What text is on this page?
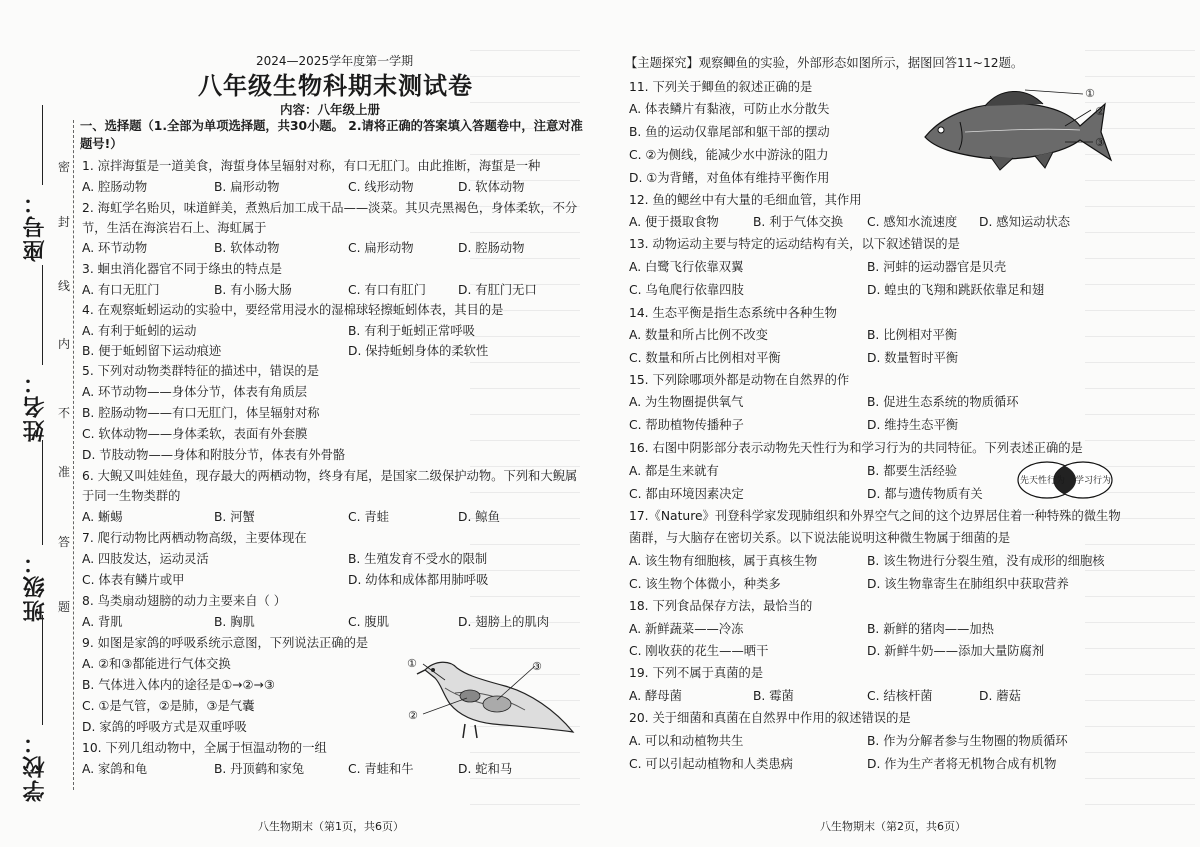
座号：
姓名：
班级：
学校：
密
封
线
内
不
准
答
题
2024—2025学年度第一学期
八年级生物科期末测试卷
内容：八年级上册
一、选择题（1.全部为单项选择题，共30小题。 2.请将正确的答案填入答题卷中，注意对准
题号!）
1. 凉拌海蜇是一道美食，海蜇身体呈辐射对称，有口无肛门。由此推断，海蜇是一种
A. 腔肠动物	B. 扁形动物	C. 线形动物	D. 软体动物
2. 海虹学名贻贝，味道鲜美，煮熟后加工成干品——淡菜。其贝壳黑褐色，身体柔软，不分
节，生活在海滨岩石上、海虹属于
A. 环节动物	B. 软体动物	C. 扁形动物	D. 腔肠动物
3. 蛔虫消化器官不同于绦虫的特点是
A. 有口无肛门	B. 有小肠大肠	C. 有口有肛门	D. 有肛门无口
4. 在观察蚯蚓运动的实验中，要经常用浸水的湿棉球轻擦蚯蚓体表，其目的是
A. 有利于蚯蚓的运动	B. 有利于蚯蚓正常呼吸
B. 便于蚯蚓留下运动痕迹	D. 保持蚯蚓身体的柔软性
5. 下列对动物类群特征的描述中，错误的是
A. 环节动物——身体分节，体表有角质层
B. 腔肠动物——有口无肛门，体呈辐射对称
C. 软体动物——身体柔软，表面有外套膜
D. 节肢动物——身体和附肢分节，体表有外骨骼
6. 大鲵又叫娃娃鱼，现存最大的两栖动物，终身有尾，是国家二级保护动物。下列和大鲵属
于同一生物类群的
A. 蜥蜴	B. 河蟹	C. 青蛙	D. 鲸鱼
7. 爬行动物比两栖动物高级，主要体现在
A. 四肢发达，运动灵活	B. 生殖发育不受水的限制
C. 体表有鳞片或甲	D. 幼体和成体都用肺呼吸
8. 鸟类扇动翅膀的动力主要来自（ ）
A. 背肌	B. 胸肌	C. 腹肌	D. 翅膀上的肌肉
9. 如图是家鸽的呼吸系统示意图，下列说法正确的是
A. ②和③都能进行气体交换
B. 气体进入体内的途径是①→②→③
C. ①是气管，②是肺，③是气囊
D. 家鸽的呼吸方式是双重呼吸
①
②
③
10. 下列几组动物中，全属于恒温动物的一组
A. 家鸽和龟	B. 丹顶鹤和家兔	C. 青蛙和牛	D. 蛇和马
八生物期末（第1页，共6页）
【主题探究】观察鲫鱼的实验，外部形态如图所示，据图回答11~12题。
11. 下列关于鲫鱼的叙述正确的是
A. 体表鳞片有黏液，可防止水分散失
B. 鱼的运动仅靠尾部和躯干部的摆动
C. ②为侧线，能减少水中游泳的阻力
D. ①为背鳍，对鱼体有维持平衡作用
①
②
③
12. 鱼的鳃丝中有大量的毛细血管，其作用
A. 便于摄取食物	B. 利于气体交换 C. 感知水流速度 D. 感知运动状态
13. 动物运动主要与特定的运动结构有关，以下叙述错误的是
A. 白鹭飞行依靠双翼	B. 河蚌的运动器官是贝壳
C. 乌龟爬行依靠四肢	D. 蝗虫的飞翔和跳跃依靠足和翅
14. 生态平衡是指生态系统中各种生物
A. 数量和所占比例不改变	B. 比例相对平衡
C. 数量和所占比例相对平衡	D. 数量暂时平衡
15. 下列除哪项外都是动物在自然界的作
A. 为生物圈提供氧气	B. 促进生态系统的物质循环
C. 帮助植物传播种子	D. 维持生态平衡
16. 右图中阴影部分表示动物先天性行为和学习行为的共同特征。下列表述正确的是
A. 都是生来就有	B. 都要生活经验
C. 都由环境因素决定	D. 都与遗传物质有关
先天性行为 学习行为
17.《Nature》刊登科学家发现肺组织和外界空气之间的这个边界居住着一种特殊的微生物
菌群，与大脑存在密切关系。以下说法能说明这种微生物属于细菌的是
A. 该生物有细胞核，属于真核生物	B. 该生物进行分裂生殖，没有成形的细胞核
C. 该生物个体微小，种类多	D. 该生物靠寄生在肺组织中获取营养
18. 下列食品保存方法，最恰当的
A. 新鲜蔬菜——冷冻	B. 新鲜的猪肉——加热
C. 刚收获的花生——晒干	D. 新鲜牛奶——添加大量防腐剂
19. 下列不属于真菌的是
A. 酵母菌	B. 霉菌	C. 结核杆菌	D. 蘑菇
20. 关于细菌和真菌在自然界中作用的叙述错误的是
A. 可以和动植物共生	B. 作为分解者参与生物圈的物质循环
C. 可以引起动植物和人类患病	D. 作为生产者将无机物合成有机物
八生物期末（第2页，共6页）
